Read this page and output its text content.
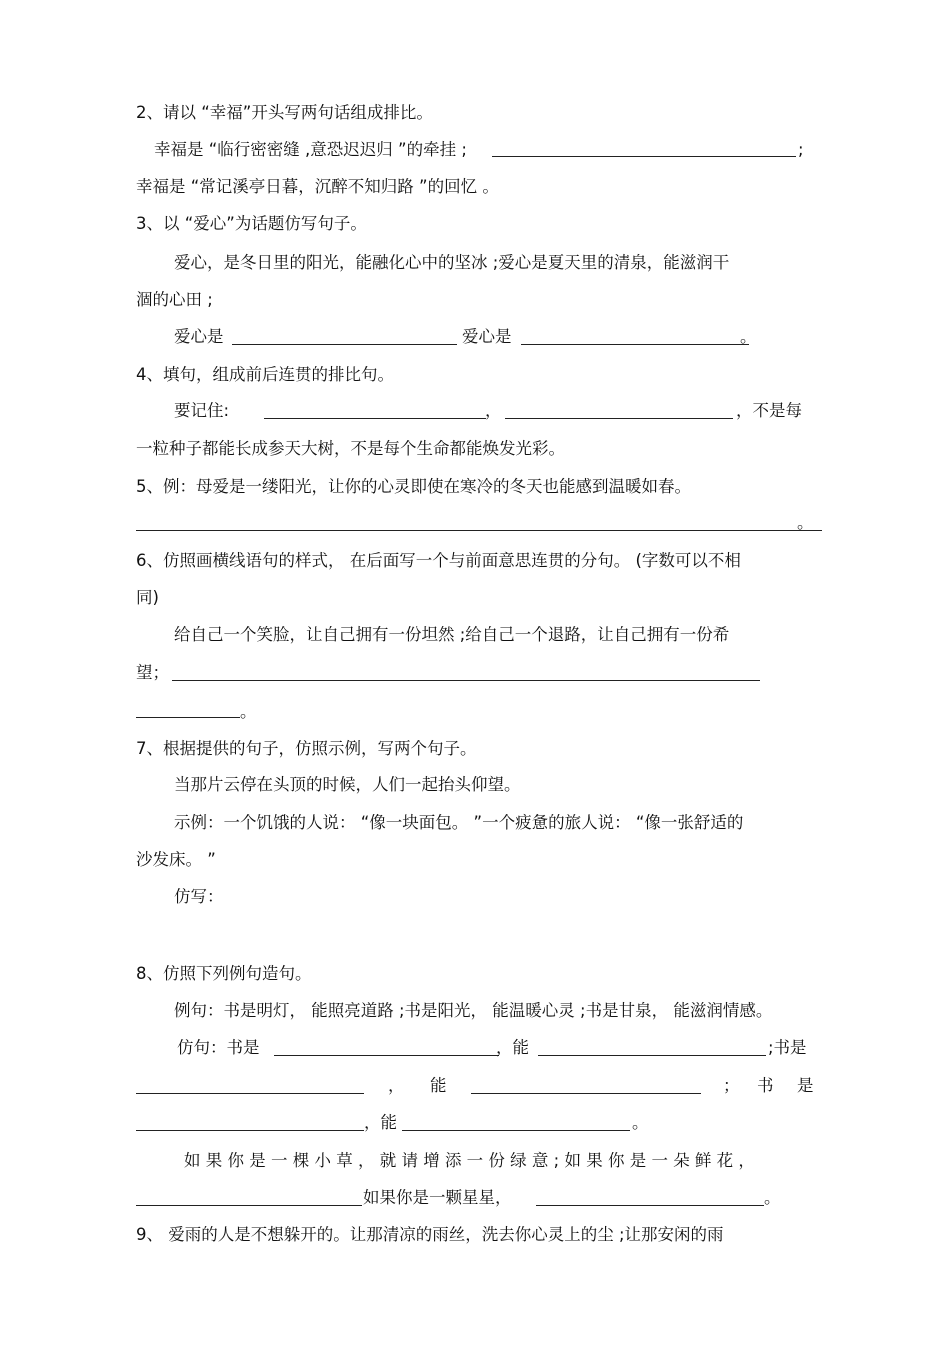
2、请以 “幸福”开头写两句话组成排比。
幸福是 “临行密密缝 ,意恐迟迟归 ”的牵挂 ;	;
幸福是 “常记溪亭日暮，沉醉不知归路 ”的回忆 。
3、以 “爱心”为话题仿写句子。
爱心，是冬日里的阳光，能融化心中的坚冰 ;爱心是夏天里的清泉，能滋润干
涸的心田 ;
爱心是	爱心是	。
4、填句，组成前后连贯的排比句。
要记住:	，	，不是每
一粒种子都能长成参天大树，不是每个生命都能焕发光彩。
5、例：母爱是一缕阳光，让你的心灵即使在寒冷的冬天也能感到温暖如春。
。
6、仿照画横线语句的样式， 在后面写一个与前面意思连贯的分句。 (字数可以不相
同)
给自己一个笑脸，让自己拥有一份坦然 ;给自己一个退路，让自己拥有一份希
望；
。
7、根据提供的句子，仿照示例，写两个句子。
当那片云停在头顶的时候，人们一起抬头仰望。
示例：一个饥饿的人说： “像一块面包。 ”一个疲惫的旅人说： “像一张舒适的
沙发床。 ”
仿写：
8、仿照下列例句造句。
例句：书是明灯， 能照亮道路 ;书是阳光， 能温暖心灵 ;书是甘泉， 能滋润情感。
仿句：书是	，能	;书是
， 能	； 书 是
，能	。
如 果 你 是 一 棵 小 草 ， 就 请 增 添 一 份 绿 意 ; 如 果 你 是 一 朵 鲜 花 ，
如果你是一颗星星，	。
9、 爱雨的人是不想躲开的。让那清凉的雨丝，洗去你心灵上的尘 ;让那安闲的雨
